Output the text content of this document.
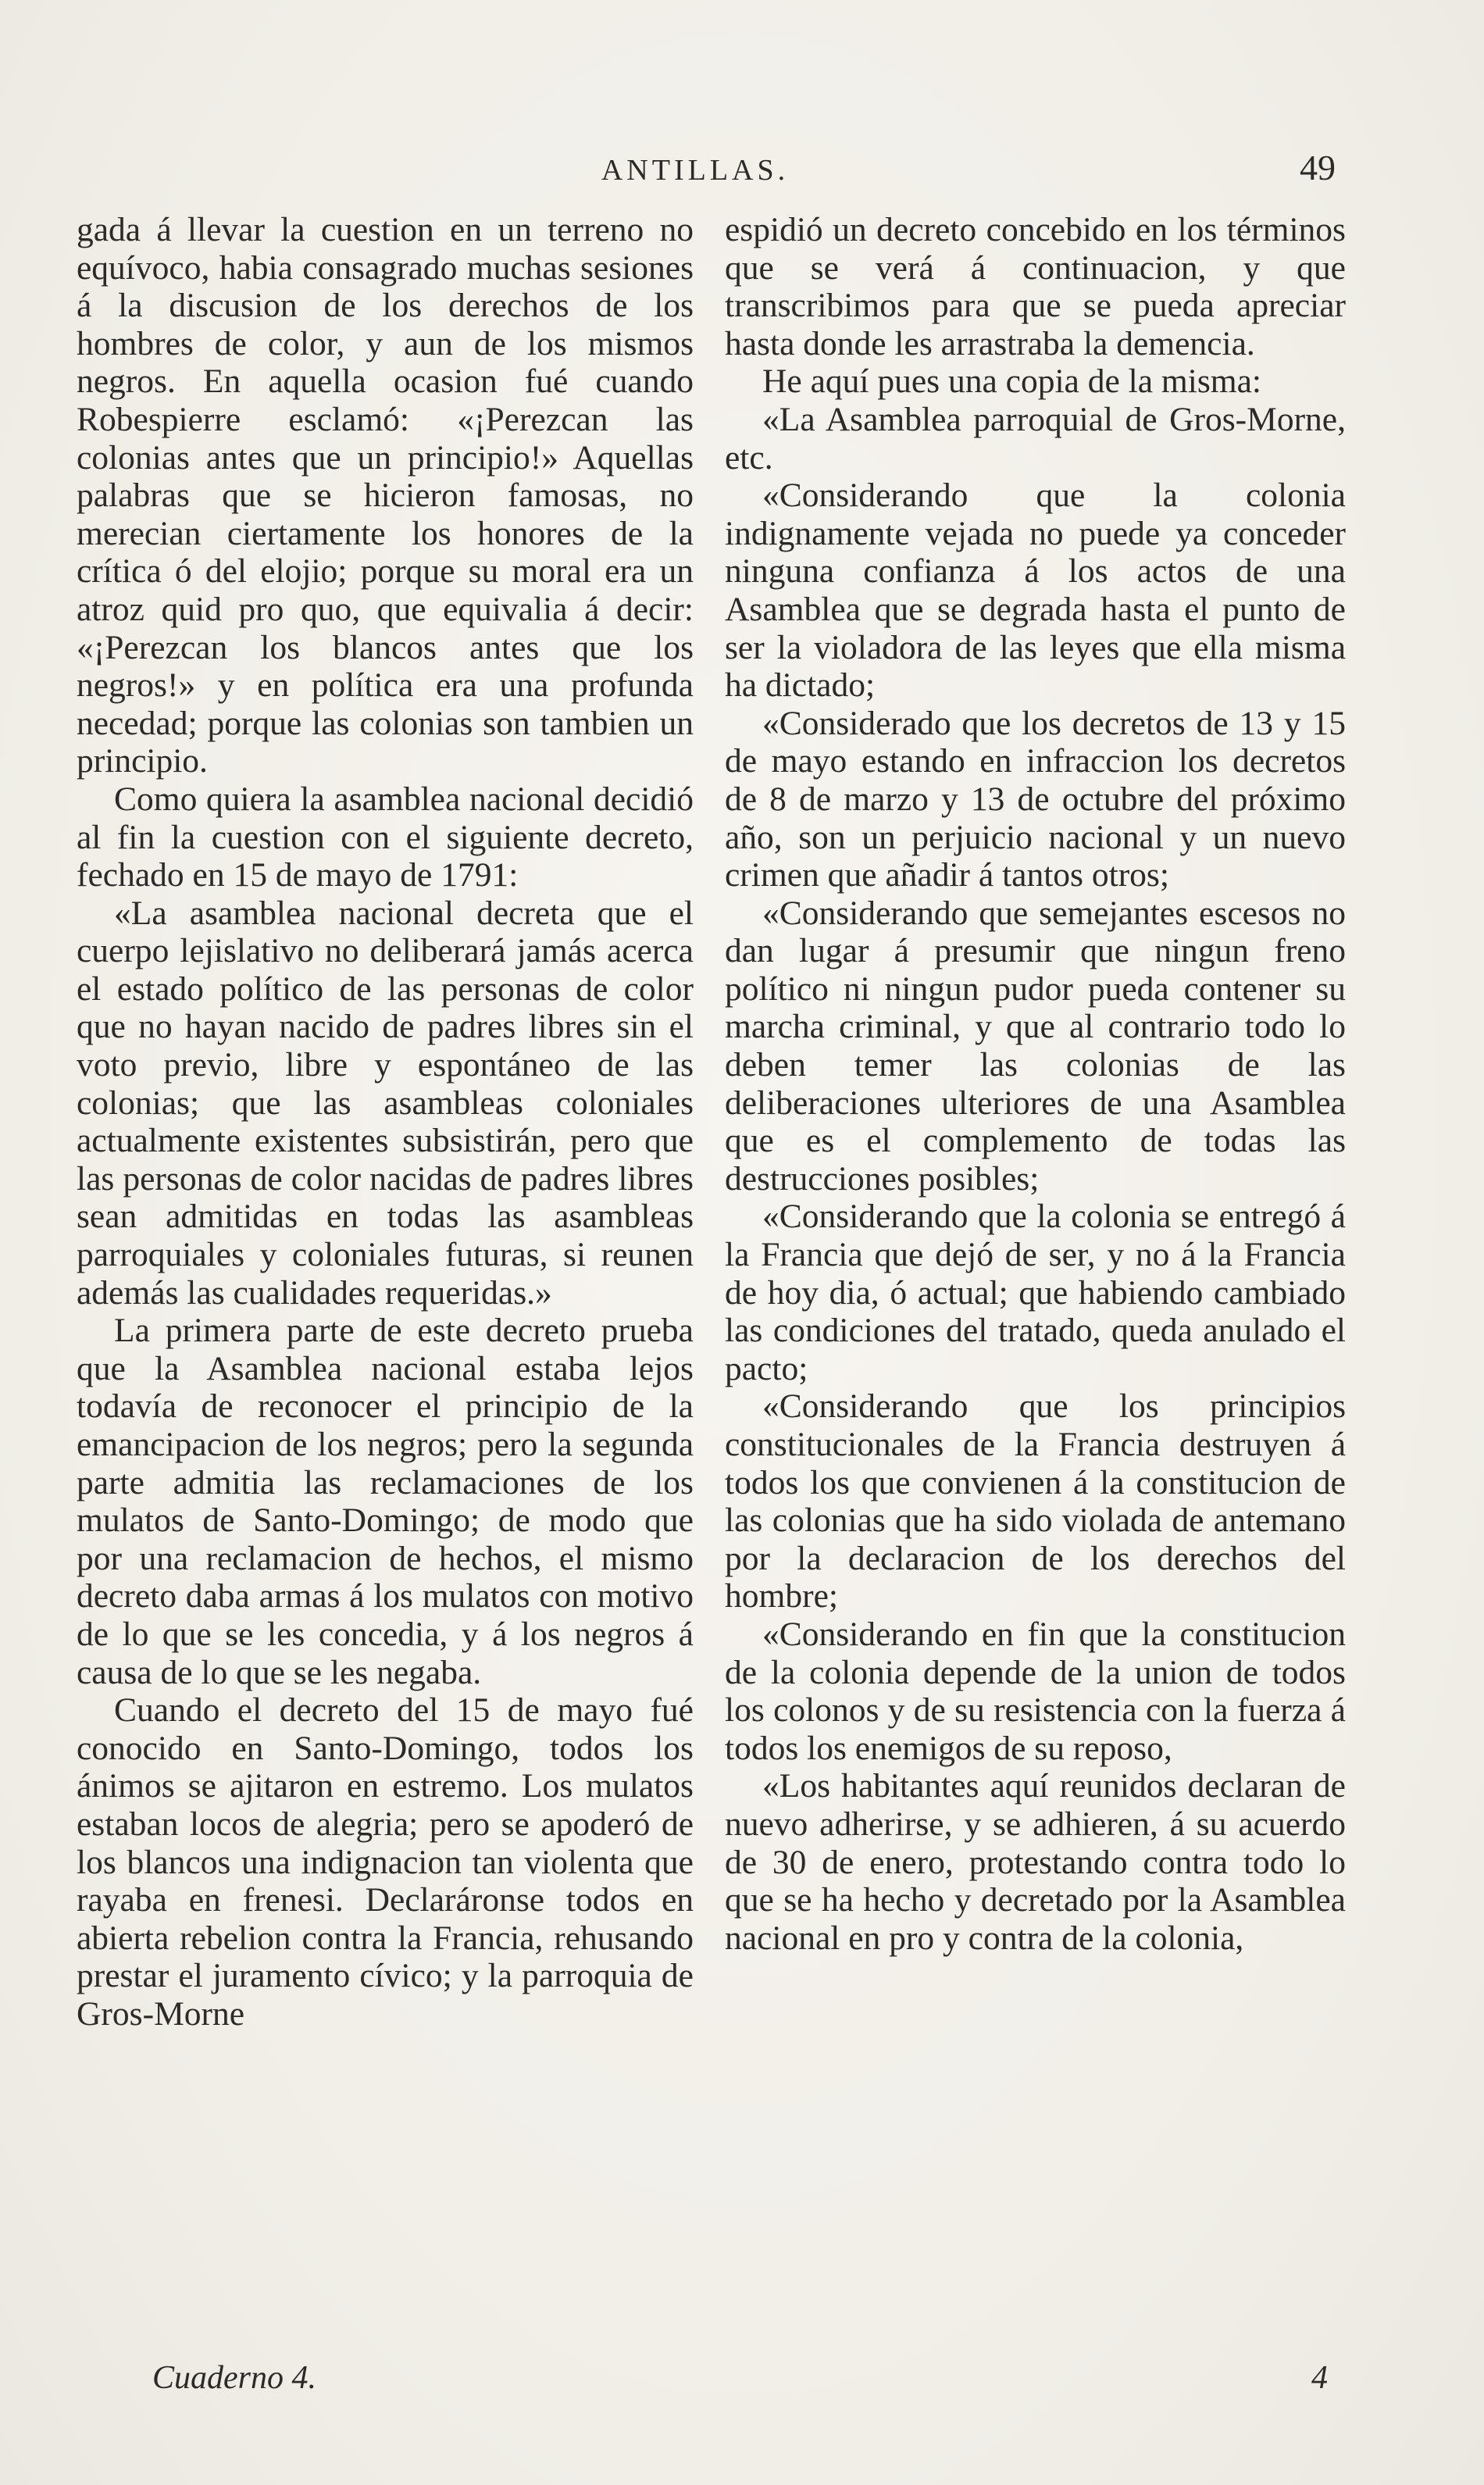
ANTILLAS.	49

gada á llevar la cuestion en un terreno no equívoco, habia consagrado muchas sesiones á la discusion de los derechos de los hombres de color, y aun de los mismos negros. En aquella ocasion fué cuando Robespierre esclamó: «¡Perezcan las colonias antes que un principio!» Aquellas palabras que se hicieron famosas, no merecian ciertamente los honores de la crítica ó del elojio; porque su moral era un atroz quid pro quo, que equivalia á decir: «¡Perezcan los blancos antes que los negros!» y en política era una profunda necedad; porque las colonias son tambien un principio.

Como quiera la asamblea nacional decidió al fin la cuestion con el siguiente decreto, fechado en 15 de mayo de 1791:

«La asamblea nacional decreta que el cuerpo lejislativo no deliberará jamás acerca el estado político de las personas de color que no hayan nacido de padres libres sin el voto previo, libre y espontáneo de las colonias; que las asambleas coloniales actualmente existentes subsistirán, pero que las personas de color nacidas de padres libres sean admitidas en todas las asambleas parroquiales y coloniales futuras, si reunen además las cualidades requeridas.»

La primera parte de este decreto prueba que la Asamblea nacional estaba lejos todavía de reconocer el principio de la emancipacion de los negros; pero la segunda parte admitia las reclamaciones de los mulatos de Santo-Domingo; de modo que por una reclamacion de hechos, el mismo decreto daba armas á los mulatos con motivo de lo que se les concedia, y á los negros á causa de lo que se les negaba.

Cuando el decreto del 15 de mayo fué conocido en Santo-Domingo, todos los ánimos se ajitaron en estremo. Los mulatos estaban locos de alegria; pero se apoderó de los blancos una indignacion tan violenta que rayaba en frenesi. Declaráronse todos en abierta rebelion contra la Francia, rehusando prestar el juramento cívico; y la parroquia de Gros-Morne

espidió un decreto concebido en los términos que se verá á continuacion, y que transcribimos para que se pueda apreciar hasta donde les arrastraba la demencia.

He aquí pues una copia de la misma:

«La Asamblea parroquial de Gros-Morne, etc.

«Considerando que la colonia indignamente vejada no puede ya conceder ninguna confianza á los actos de una Asamblea que se degrada hasta el punto de ser la violadora de las leyes que ella misma ha dictado;

«Considerado que los decretos de 13 y 15 de mayo estando en infraccion los decretos de 8 de marzo y 13 de octubre del próximo año, son un perjuicio nacional y un nuevo crimen que añadir á tantos otros;

«Considerando que semejantes escesos no dan lugar á presumir que ningun freno político ni ningun pudor pueda contener su marcha criminal, y que al contrario todo lo deben temer las colonias de las deliberaciones ulteriores de una Asamblea que es el complemento de todas las destrucciones posibles;

«Considerando que la colonia se entregó á la Francia que dejó de ser, y no á la Francia de hoy dia, ó actual; que habiendo cambiado las condiciones del tratado, queda anulado el pacto;

«Considerando que los principios constitucionales de la Francia destruyen á todos los que convienen á la constitucion de las colonias que ha sido violada de antemano por la declaracion de los derechos del hombre;

«Considerando en fin que la constitucion de la colonia depende de la union de todos los colonos y de su resistencia con la fuerza á todos los enemigos de su reposo,

«Los habitantes aquí reunidos declaran de nuevo adherirse, y se adhieren, á su acuerdo de 30 de enero, protestando contra todo lo que se ha hecho y decretado por la Asamblea nacional en pro y contra de la colonia,

Cuaderno 4.	4
